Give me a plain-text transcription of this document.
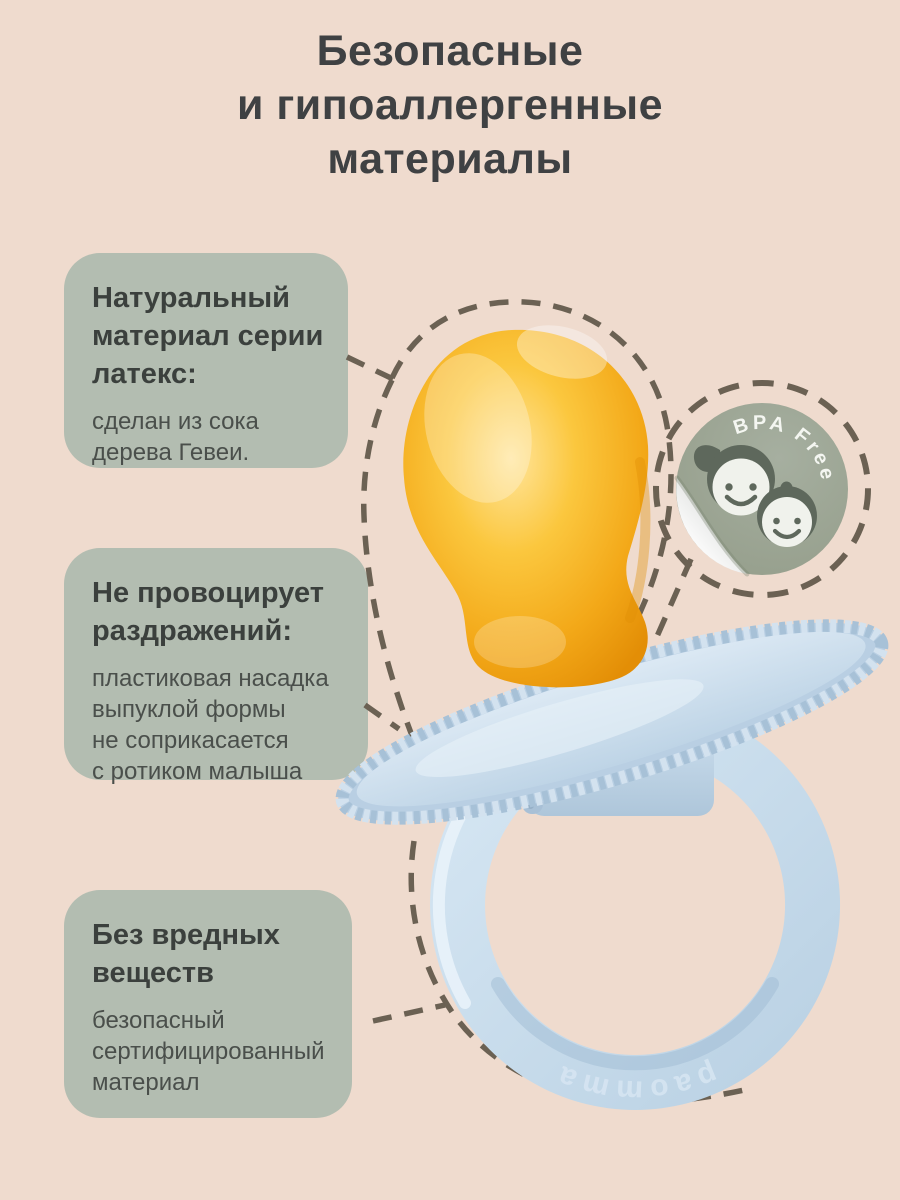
Безопасные
и гипоаллергенные
материалы
Натуральный
материал серии
латекс:
сделан из сока
дерева Гевеи.
Не провоцирует
раздражений:
пластиковая насадка
выпуклой формы
не соприкасается
с ротиком малыша
Без вредных
веществ
безопасный
сертифицированный
материал	paomma
BPA Free
